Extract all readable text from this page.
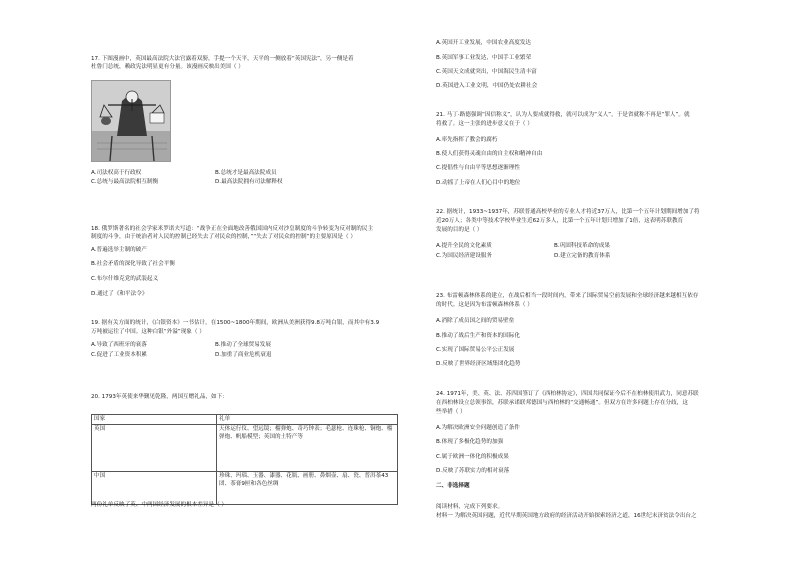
17. 下图漫画中，英国最高法院大法官露着双膀，手提一个天平，天平的一侧放着“英国宪法”，另一侧是着
杜鲁门总统，赖政宪法明显更有分量。该漫画反映出美国（ ）
A.司法权高于行政权	B.总统才是最高法院成员
C.总统与最高法院相互制衡	D.最高法院拥有司法解释权
18. 俄罗斯著名的社会学家米罗诺夫写道：“战争正在全面地改善俄国国内反对沙皇制度的斗争转变为反对制的民主
制度的斗争，由于统治者对人民的控制已经失去了对民众的控制，”“失去了对民众的控制”的主要原因是（ ）
A.普遍选举主制的破产
B.社会矛盾的深化导致了社会平衡
C.布尔什维克党的武装起义
D.通过了《和平法令》
19. 据有关方面的统计，《白银资本》一书估计，在1500~1800年期间，欧洲从美洲获得9.8万吨白银，而其中有3.9
万吨被运往了中国。这种白银“外溢”现象（ ）
A.导致了西班牙的衰落	B.推动了全球贸易发展
C.促进了工业资本积累	D.加重了商业危机衰退
20. 1793年英使来华觐见乾隆，两国互赠礼品，如下：
国家	礼单
英国	天体运行仪、望远镜；榴弹炮、奇巧钟表；毛瑟枪、连珠枪、铜炮、榴弹炮、帆船模型；英国的土特产等
中国	珍珠、玛瑙、玉器、漆器、花瓶、画册、鼻烟壶、扇、瓷、普洱茶43团、茶膏9匣和各色丝绸
两份礼单反映了英、中两国经济发展的根本差异是（ ）
A.英国开工业发展，中国农业高度发达
B.英国军事工业发达，中国手工业繁荣
C.英国天文成就突出，中国海民生清丰富
D.英国进入工业文明，中国仍处农耕社会
21. 马丁·路德强调“因信称义”，认为人要成就得救，就可以成为“义人”，于是省就称不再是“罪人”。就
将救了。这一主张的进步意义在于（ ）
A.率先指挥了教会的腐朽
B.使人们获得灵魂自由的自主权和精神自由
C.提倡性与自由平等思想逐渐理性
D.动摇了上帝在人们心目中的地位
22. 据统计，1933~1937年，苏联普通高校毕业的专业人才将近37万人，比第一个五年计划期间增加了将
近20万人；各类中等技术学校毕业生近62万多人，比第一个五年计划只增加了1倍，这表明苏联教育
发展的目的是（ ）
A.提升全民的文化素质	B.巩固科技革命的成果
C.为国民经济建设服务	D.建立完备的教育体系
23. 布雷顿森林体系的建立，在战后相当一段时间内，带来了国际贸易空前发展和全球经济越来越相互依存
的时代。这是因为布雷顿森林体系（ ）
A.消除了成员国之间的贸易壁垒
B.推动了战后生产和资本的国际化
C.实现了国际贸易公平公正发展
D.反映了世界经济区域集团化趋势
24. 1971年，美、英、法、苏四国签订了《西柏林协定》，四国共同保证今后不在柏林使用武力，同意苏联
在西柏林设立总领事馆，苏联承诺联邦德国与西柏林的“交通畅通”。但双方在许多问题上存在分歧，这
些举措（ ）
A.为解决欧洲安全问题创造了条件
B.体现了多极化趋势的加强
C.属于欧洲一体化的积极成果
D.反映了苏联实力的相对衰落
二、非选择题
阅读材料，完成下列要求。
材料一 为解决英国问题，近代早期英国地方政府的经济活动开始探索经济之道，16世纪末济贫法令出台之
